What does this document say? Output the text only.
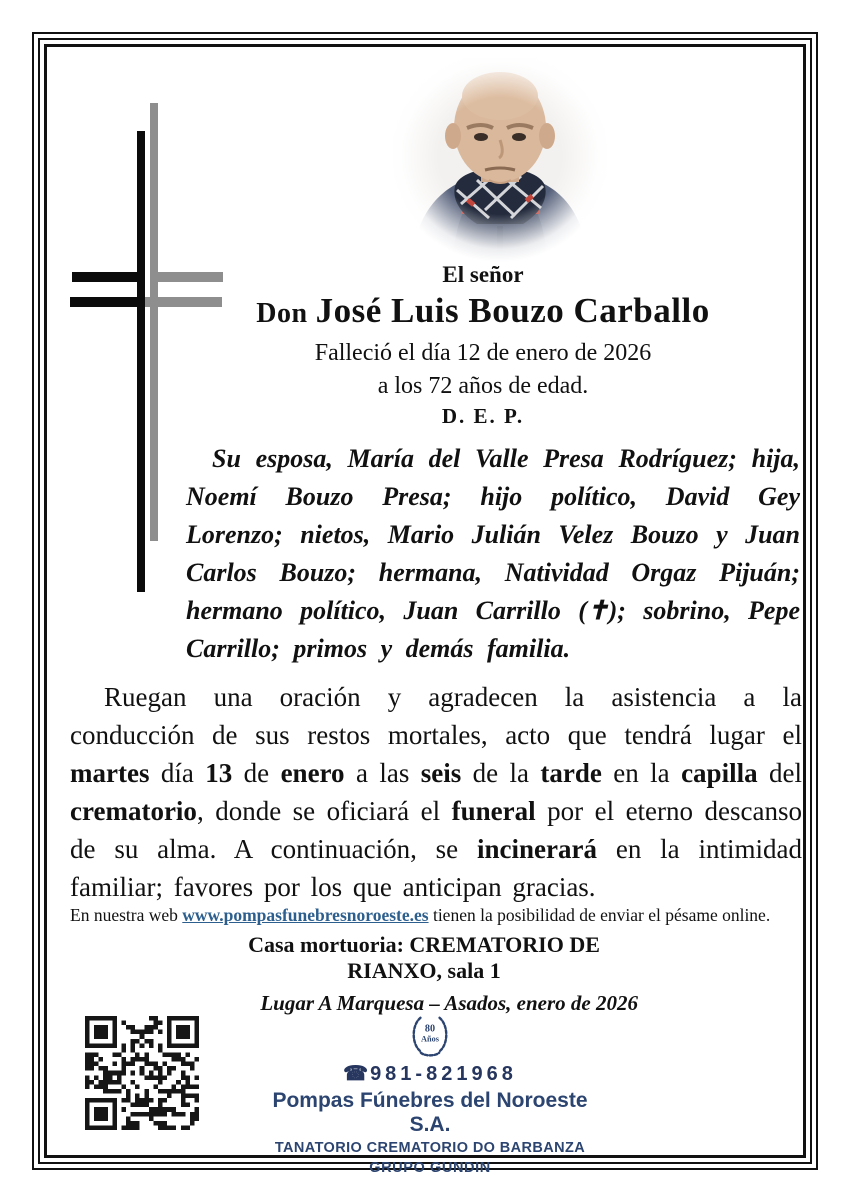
El señor
Don José Luis Bouzo Carballo
Falleció el día 12 de enero de 2026
a los 72 años de edad.
D. E. P.
Su esposa, María del Valle Presa Rodríguez; hija, Noemí Bouzo Presa; hijo político, David Gey Lorenzo; nietos, Mario Julián Velez Bouzo y Juan Carlos Bouzo; hermana, Natividad Orgaz Pijuán; hermano político, Juan Carrillo (✝); sobrino, Pepe Carrillo; primos y demás familia.
Ruegan una oración y agradecen la asistencia a la conducción de sus restos mortales, acto que tendrá lugar el martes día 13 de enero a las seis de la tarde en la capilla del crematorio, donde se oficiará el funeral por el eterno descanso de su alma. A continuación, se incinerará en la intimidad familiar; favores por los que anticipan gracias.
En nuestra web www.pompasfunebresnoroeste.es tienen la posibilidad de enviar el pésame online.
Casa mortuoria: CREMATORIO DE RIANXO, sala 1
Lugar A Marquesa – Asados, enero de 2026
80
Años
☎ 981-821968
Pompas Fúnebres del Noroeste S.A.
TANATORIO CREMATORIO DO BARBANZA
GRUPO GUNDIN
